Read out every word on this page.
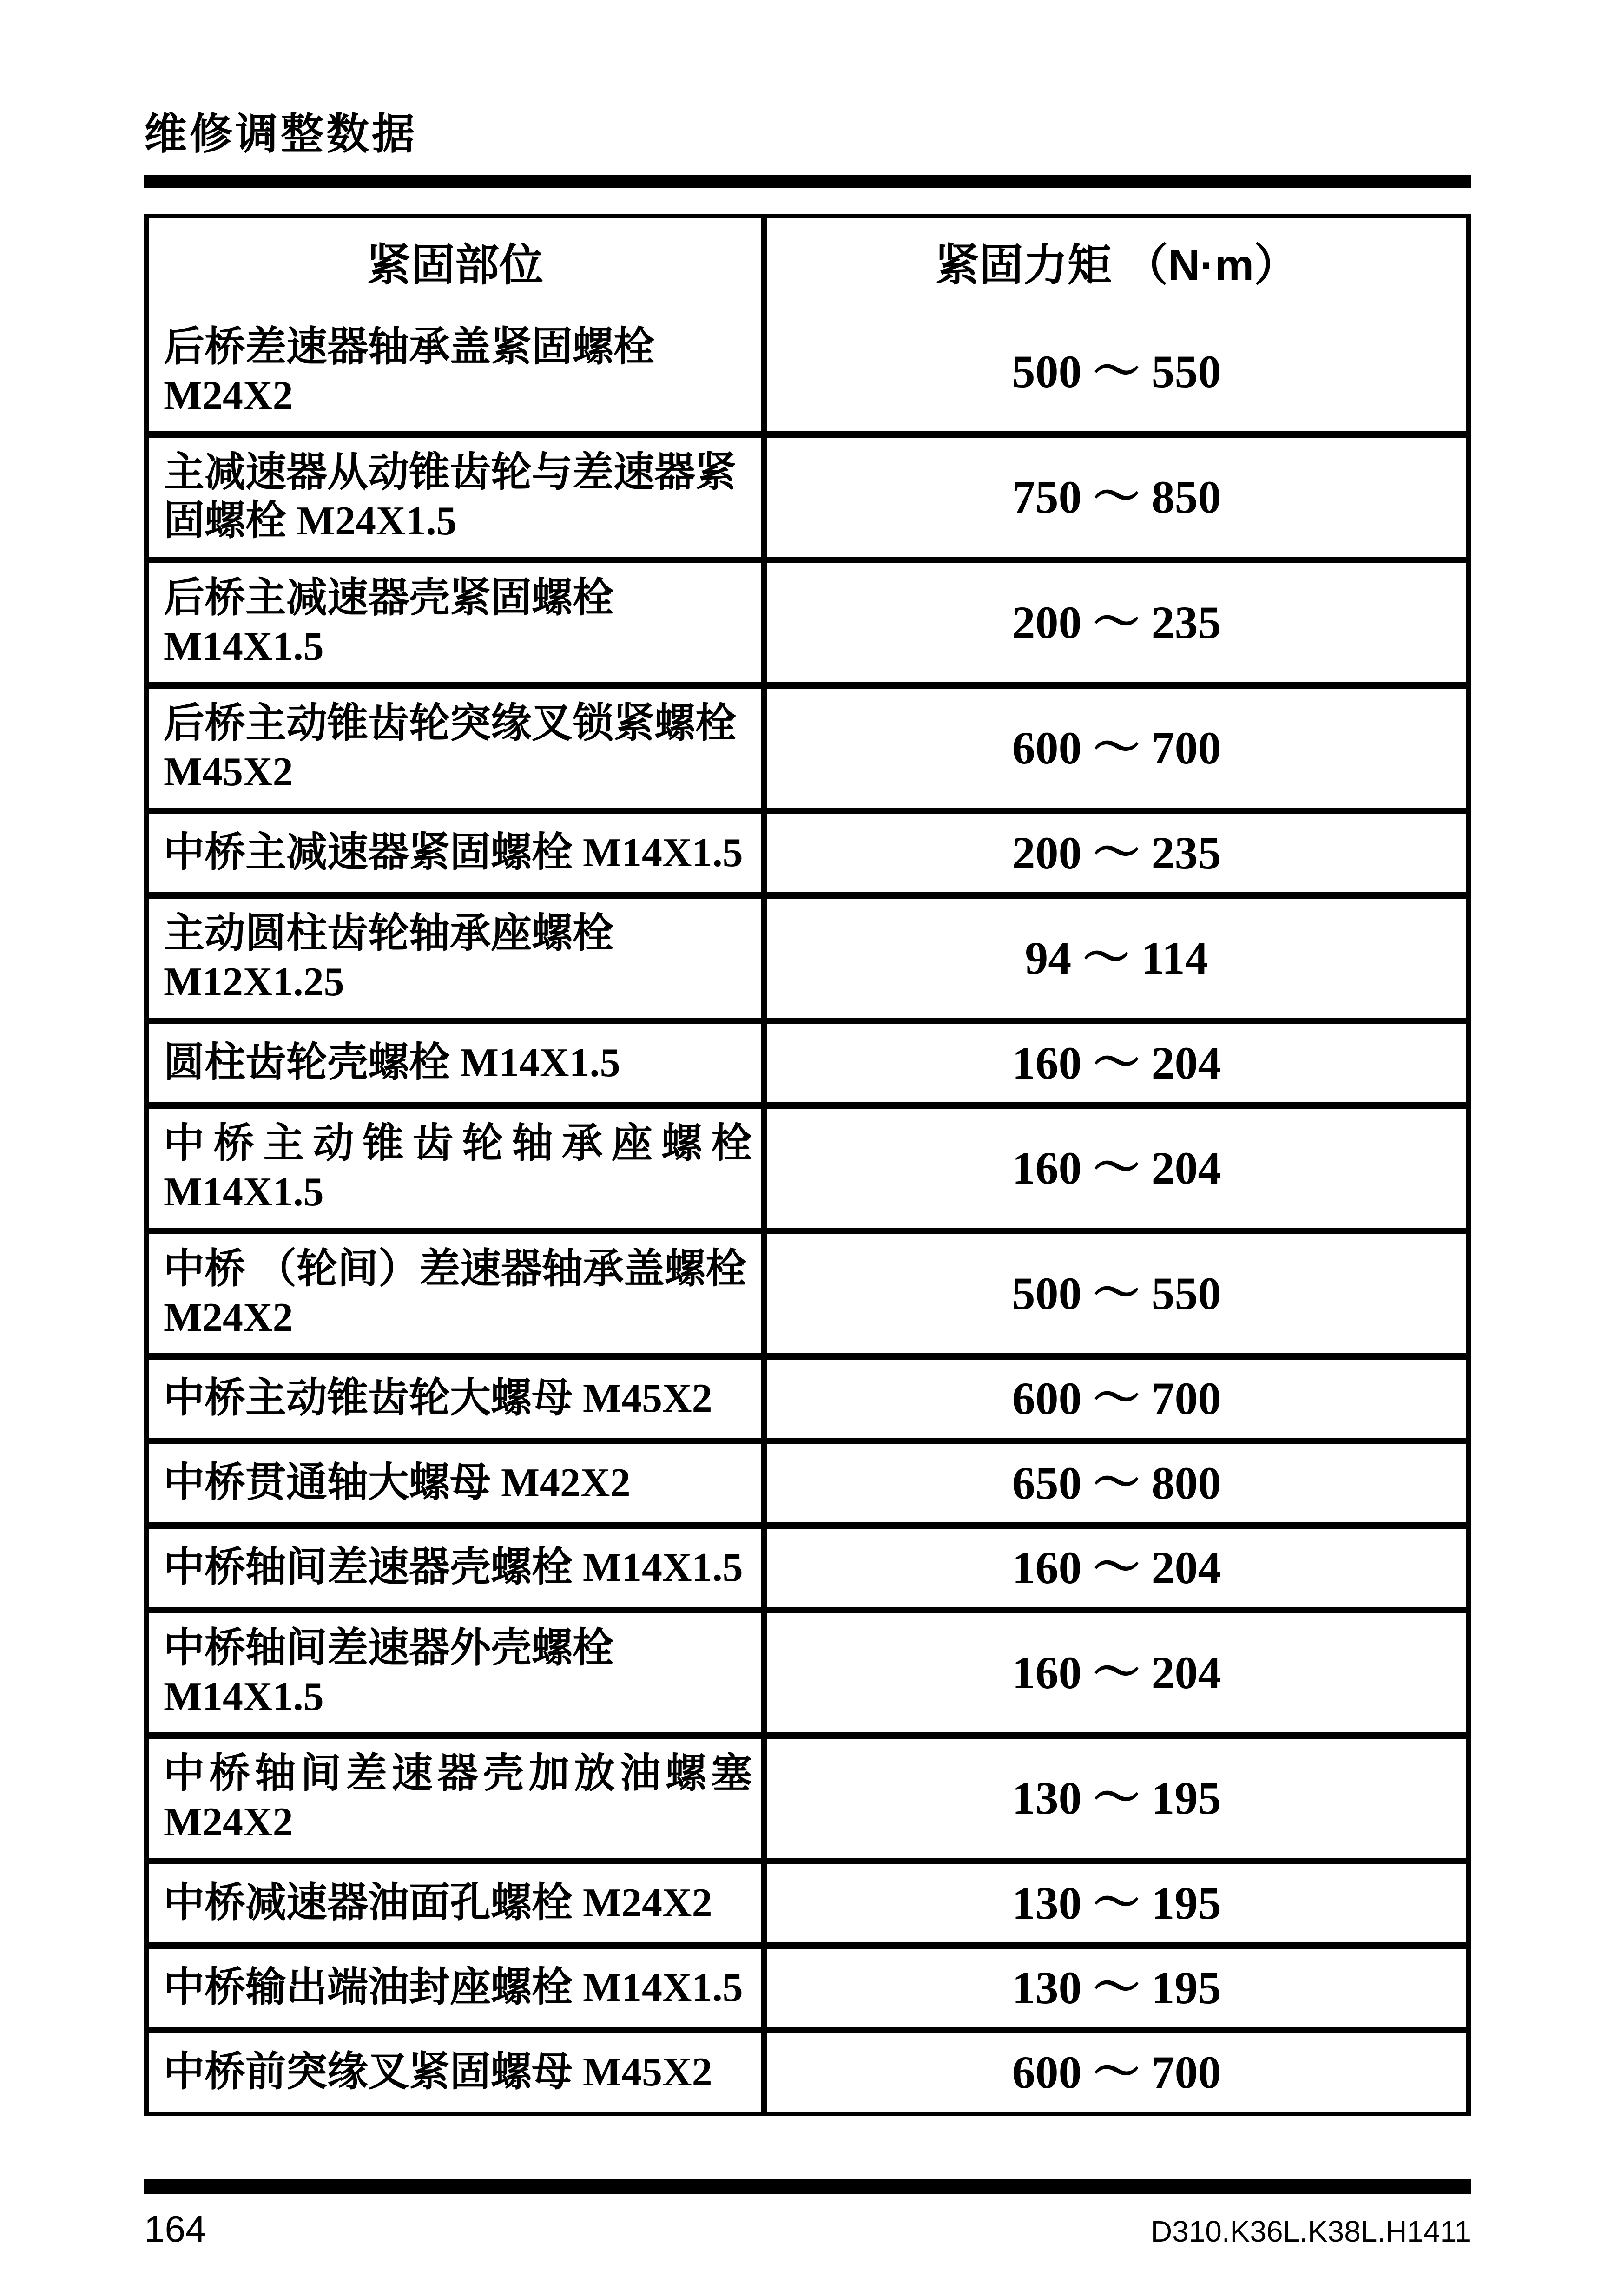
维修调整数据
紧固部位	紧固力矩 （N·m）
后桥差速器轴承盖紧固螺栓
M24X2	500 ～ 550
主减速器从动锥齿轮与差速器紧
固螺栓 M24X1.5	750 ～ 850
后桥主减速器壳紧固螺栓
M14X1.5	200 ～ 235
后桥主动锥齿轮突缘叉锁紧螺栓
M45X2	600 ～ 700
中桥主减速器紧固螺栓 M14X1.5	200 ～ 235
主动圆柱齿轮轴承座螺栓
M12X1.25	94 ～ 114
圆柱齿轮壳螺栓 M14X1.5	160 ～ 204
中桥主动锥齿轮轴承座螺栓
M14X1.5	160 ～ 204
中桥 （轮间）差速器轴承盖螺栓
M24X2	500 ～ 550
中桥主动锥齿轮大螺母 M45X2	600 ～ 700
中桥贯通轴大螺母 M42X2	650 ～ 800
中桥轴间差速器壳螺栓 M14X1.5	160 ～ 204
中桥轴间差速器外壳螺栓
M14X1.5	160 ～ 204
中桥轴间差速器壳加放油螺塞
M24X2	130 ～ 195
中桥减速器油面孔螺栓 M24X2	130 ～ 195
中桥输出端油封座螺栓 M14X1.5	130 ～ 195
中桥前突缘叉紧固螺母 M45X2	600 ～ 700
164	D310.K36L.K38L.H1411
